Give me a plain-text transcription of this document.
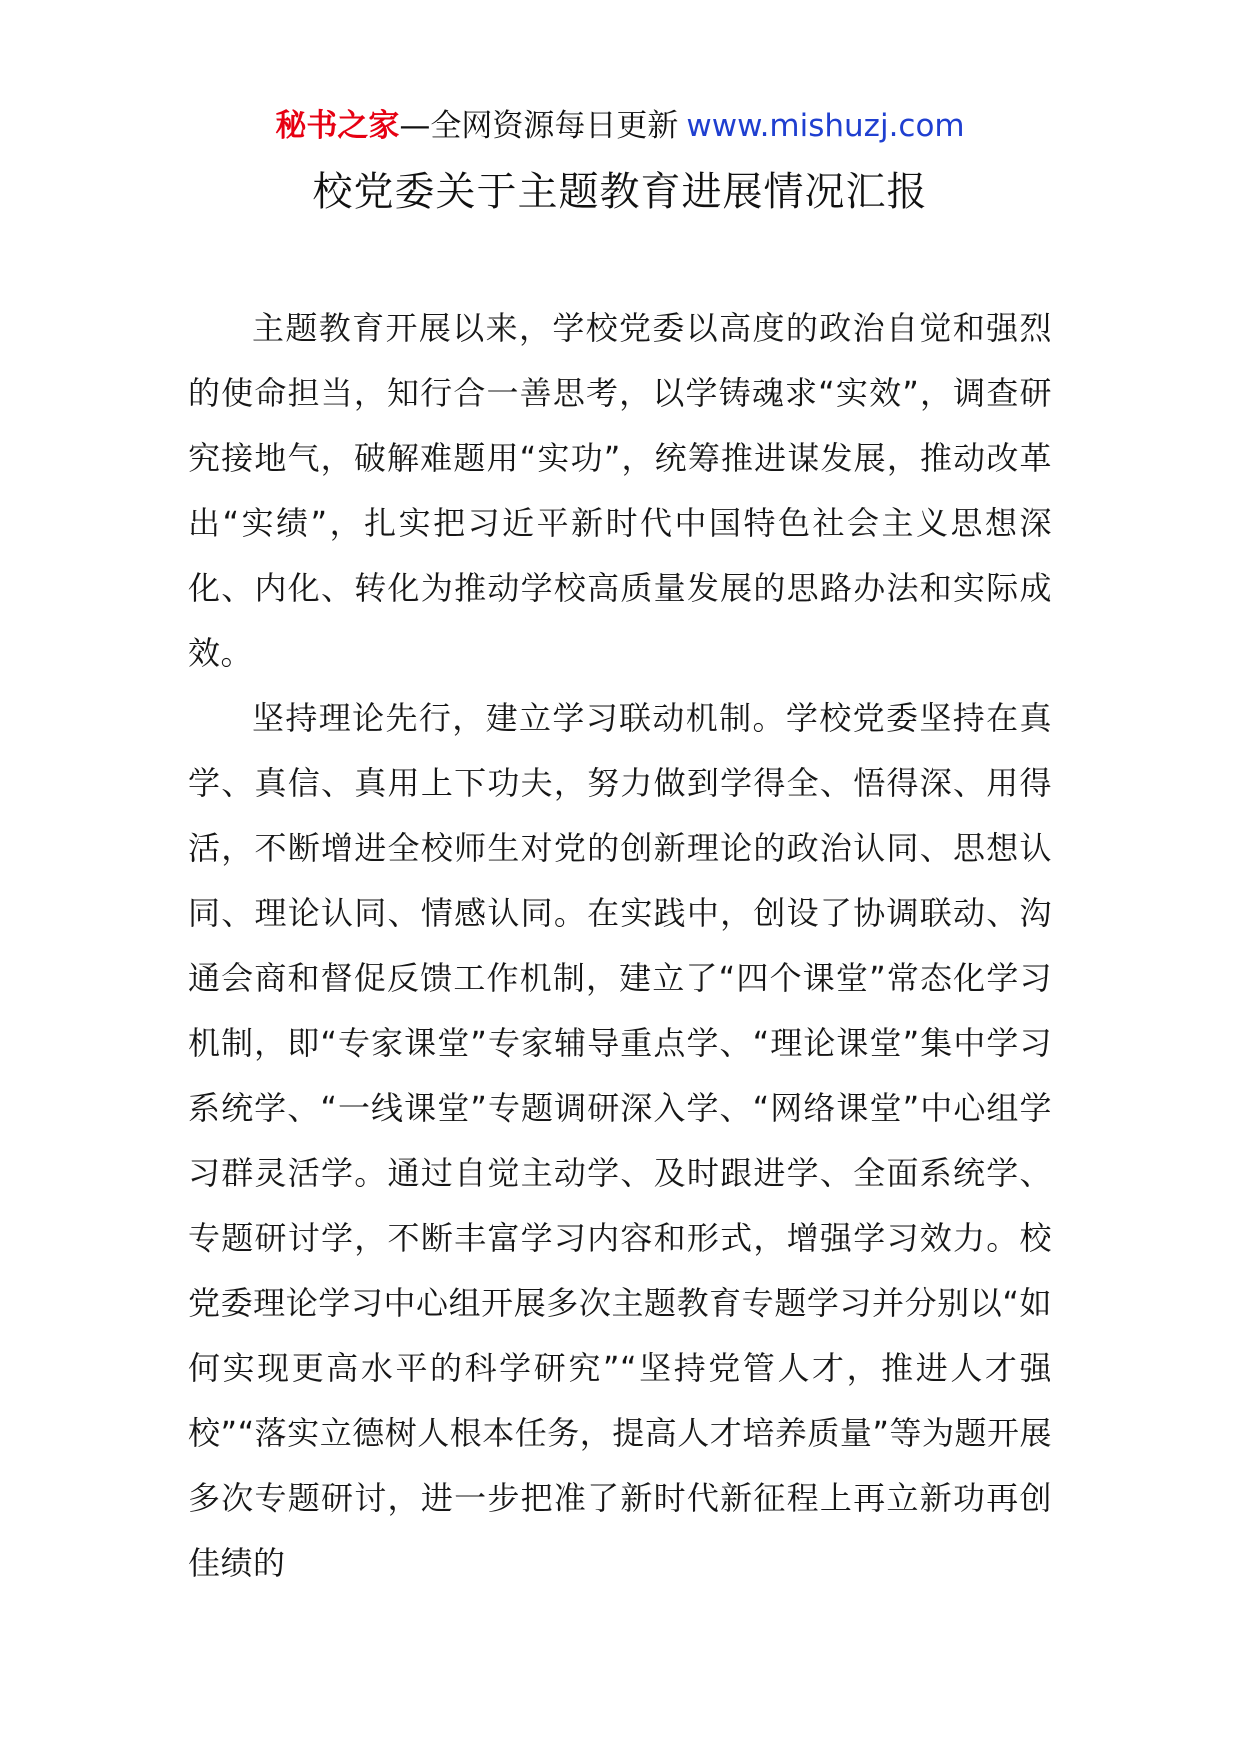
秘书之家—全网资源每日更新 www.mishuzj.com
校党委关于主题教育进展情况汇报

主题教育开展以来，学校党委以高度的政治自觉和强烈的使命担当，知行合一善思考，以学铸魂求“实效”，调查研究接地气，破解难题用“实功”，统筹推进谋发展，推动改革出“实绩”，扎实把习近平新时代中国特色社会主义思想深化、内化、转化为推动学校高质量发展的思路办法和实际成效。

坚持理论先行，建立学习联动机制。学校党委坚持在真学、真信、真用上下功夫，努力做到学得全、悟得深、用得活，不断增进全校师生对党的创新理论的政治认同、思想认同、理论认同、情感认同。在实践中，创设了协调联动、沟通会商和督促反馈工作机制，建立了“四个课堂”常态化学习机制，即“专家课堂”专家辅导重点学、“理论课堂”集中学习系统学、“一线课堂”专题调研深入学、“网络课堂”中心组学习群灵活学。通过自觉主动学、及时跟进学、全面系统学、专题研讨学，不断丰富学习内容和形式，增强学习效力。校党委理论学习中心组开展多次主题教育专题学习并分别以“如何实现更高水平的科学研究”“坚持党管人才，推进人才强校”“落实立德树人根本任务，提高人才培养质量”等为题开展多次专题研讨，进一步把准了新时代新征程上再立新功再创佳绩的
